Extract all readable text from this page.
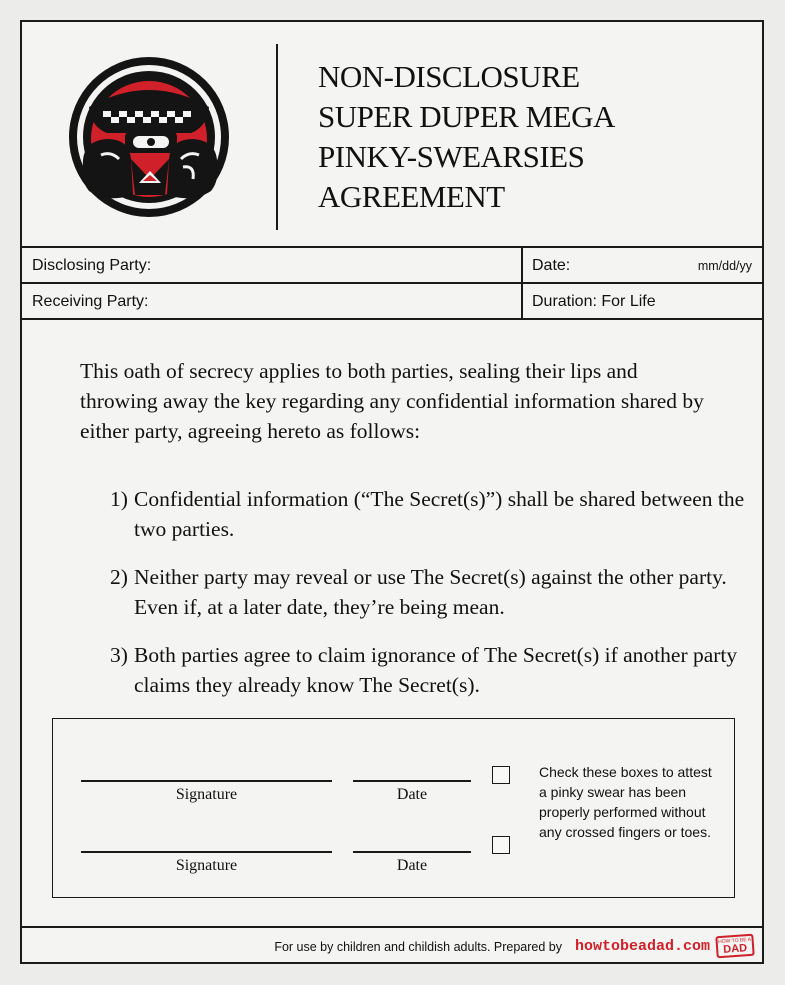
NON-DISCLOSURE
SUPER DUPER MEGA
PINKY-SWEARSIES
AGREEMENT
Disclosing Party:	Date:	mm/dd/yy
Receiving Party:	Duration: For Life

This oath of secrecy applies to both parties, sealing their lips and throwing away the key regarding any confidential information shared by either party, agreeing hereto as follows:

1) Confidential information (“The Secret(s)”) shall be shared between the two parties.
2) Neither party may reveal or use The Secret(s) against the other party. Even if, at a later date, they’re being mean.
3) Both parties agree to claim ignorance of The Secret(s) if another party claims they already know The Secret(s).
Signature	Date
Signature	Date
Check these boxes to attest a pinky swear has been properly performed without any crossed fingers or toes.
For use by children and childish adults. Prepared by howtobeadad.com HOW TO BE A
DAD
